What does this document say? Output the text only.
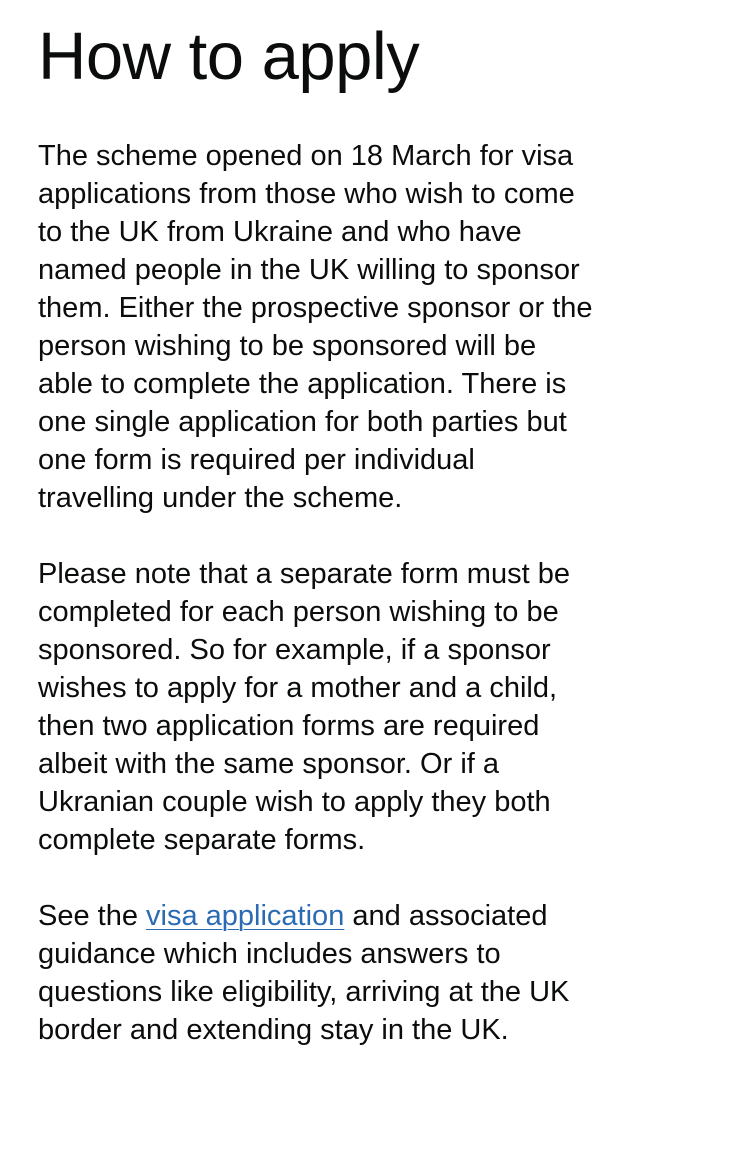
How to apply

The scheme opened on 18 March for visa applications from those who wish to come to the UK from Ukraine and who have named people in the UK willing to sponsor them. Either the prospective sponsor or the person wishing to be sponsored will be able to complete the application. There is one single application for both parties but one form is required per individual travelling under the scheme.

Please note that a separate form must be completed for each person wishing to be sponsored. So for example, if a sponsor wishes to apply for a mother and a child, then two application forms are required albeit with the same sponsor. Or if a Ukranian couple wish to apply they both complete separate forms.

See the visa application and associated guidance which includes answers to questions like eligibility, arriving at the UK border and extending stay in the UK.
